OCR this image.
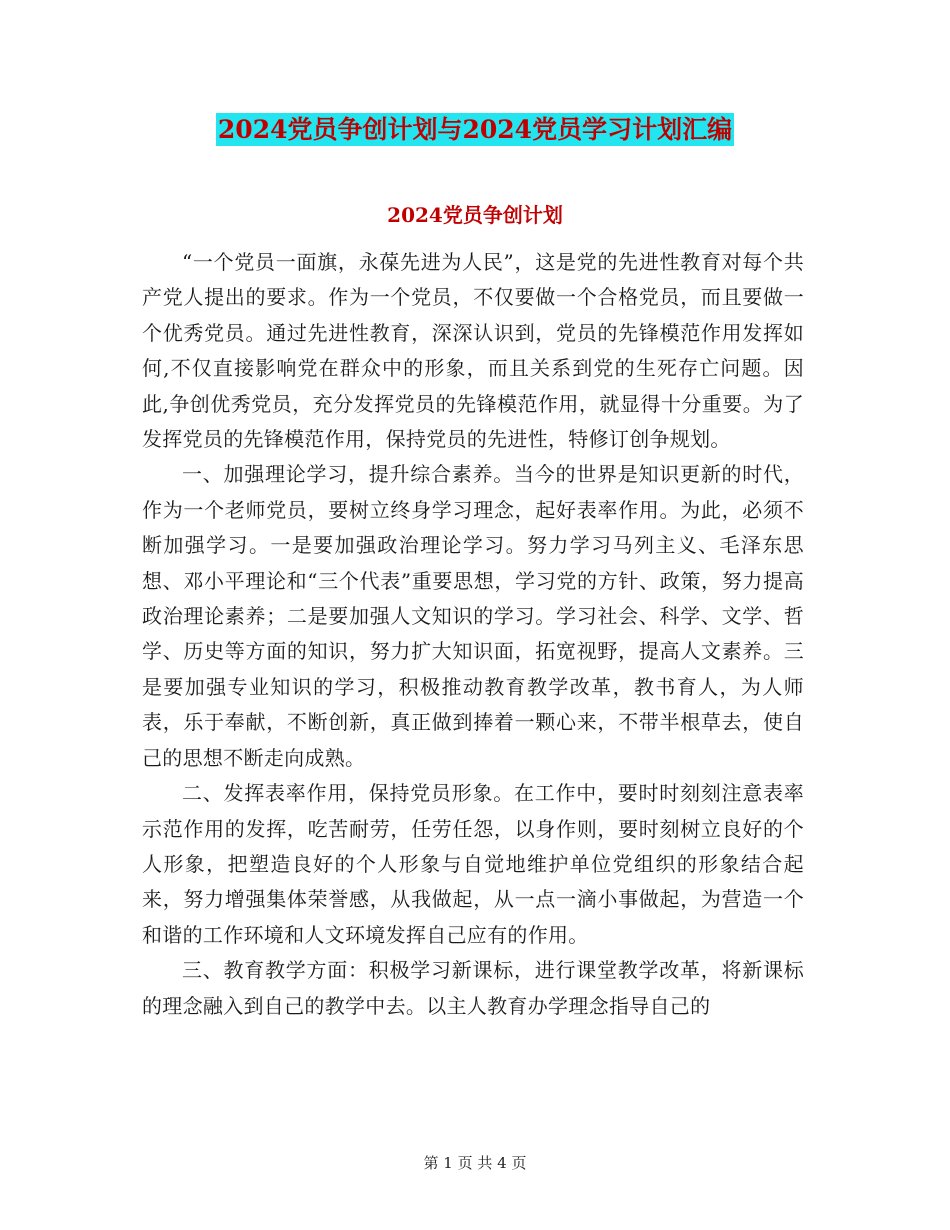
2024党员争创计划与2024党员学习计划汇编
2024党员争创计划

“一个党员一面旗，永葆先进为人民”，这是党的先进性教育对每个共产党人提出的要求。作为一个党员，不仅要做一个合格党员，而且要做一个优秀党员。通过先进性教育，深深认识到，党员的先锋模范作用发挥如何,不仅直接影响党在群众中的形象，而且关系到党的生死存亡问题。因此,争创优秀党员，充分发挥党员的先锋模范作用，就显得十分重要。为了发挥党员的先锋模范作用，保持党员的先进性，特修订创争规划。

一、加强理论学习，提升综合素养。当今的世界是知识更新的时代，作为一个老师党员，要树立终身学习理念，起好表率作用。为此，必须不断加强学习。一是要加强政治理论学习。努力学习马列主义、毛泽东思想、邓小平理论和“三个代表”重要思想，学习党的方针、政策，努力提高政治理论素养；二是要加强人文知识的学习。学习社会、科学、文学、哲学、历史等方面的知识，努力扩大知识面，拓宽视野，提高人文素养。三是要加强专业知识的学习，积极推动教育教学改革，教书育人，为人师表，乐于奉献，不断创新，真正做到捧着一颗心来，不带半根草去，使自己的思想不断走向成熟。

二、发挥表率作用，保持党员形象。在工作中，要时时刻刻注意表率示范作用的发挥，吃苦耐劳，任劳任怨，以身作则，要时刻树立良好的个人形象，把塑造良好的个人形象与自觉地维护单位党组织的形象结合起来，努力增强集体荣誉感，从我做起，从一点一滴小事做起，为营造一个和谐的工作环境和人文环境发挥自己应有的作用。

三、教育教学方面：积极学习新课标，进行课堂教学改革，将新课标的理念融入到自己的教学中去。以主人教育办学理念指导自己的

第 1 页 共 4 页
